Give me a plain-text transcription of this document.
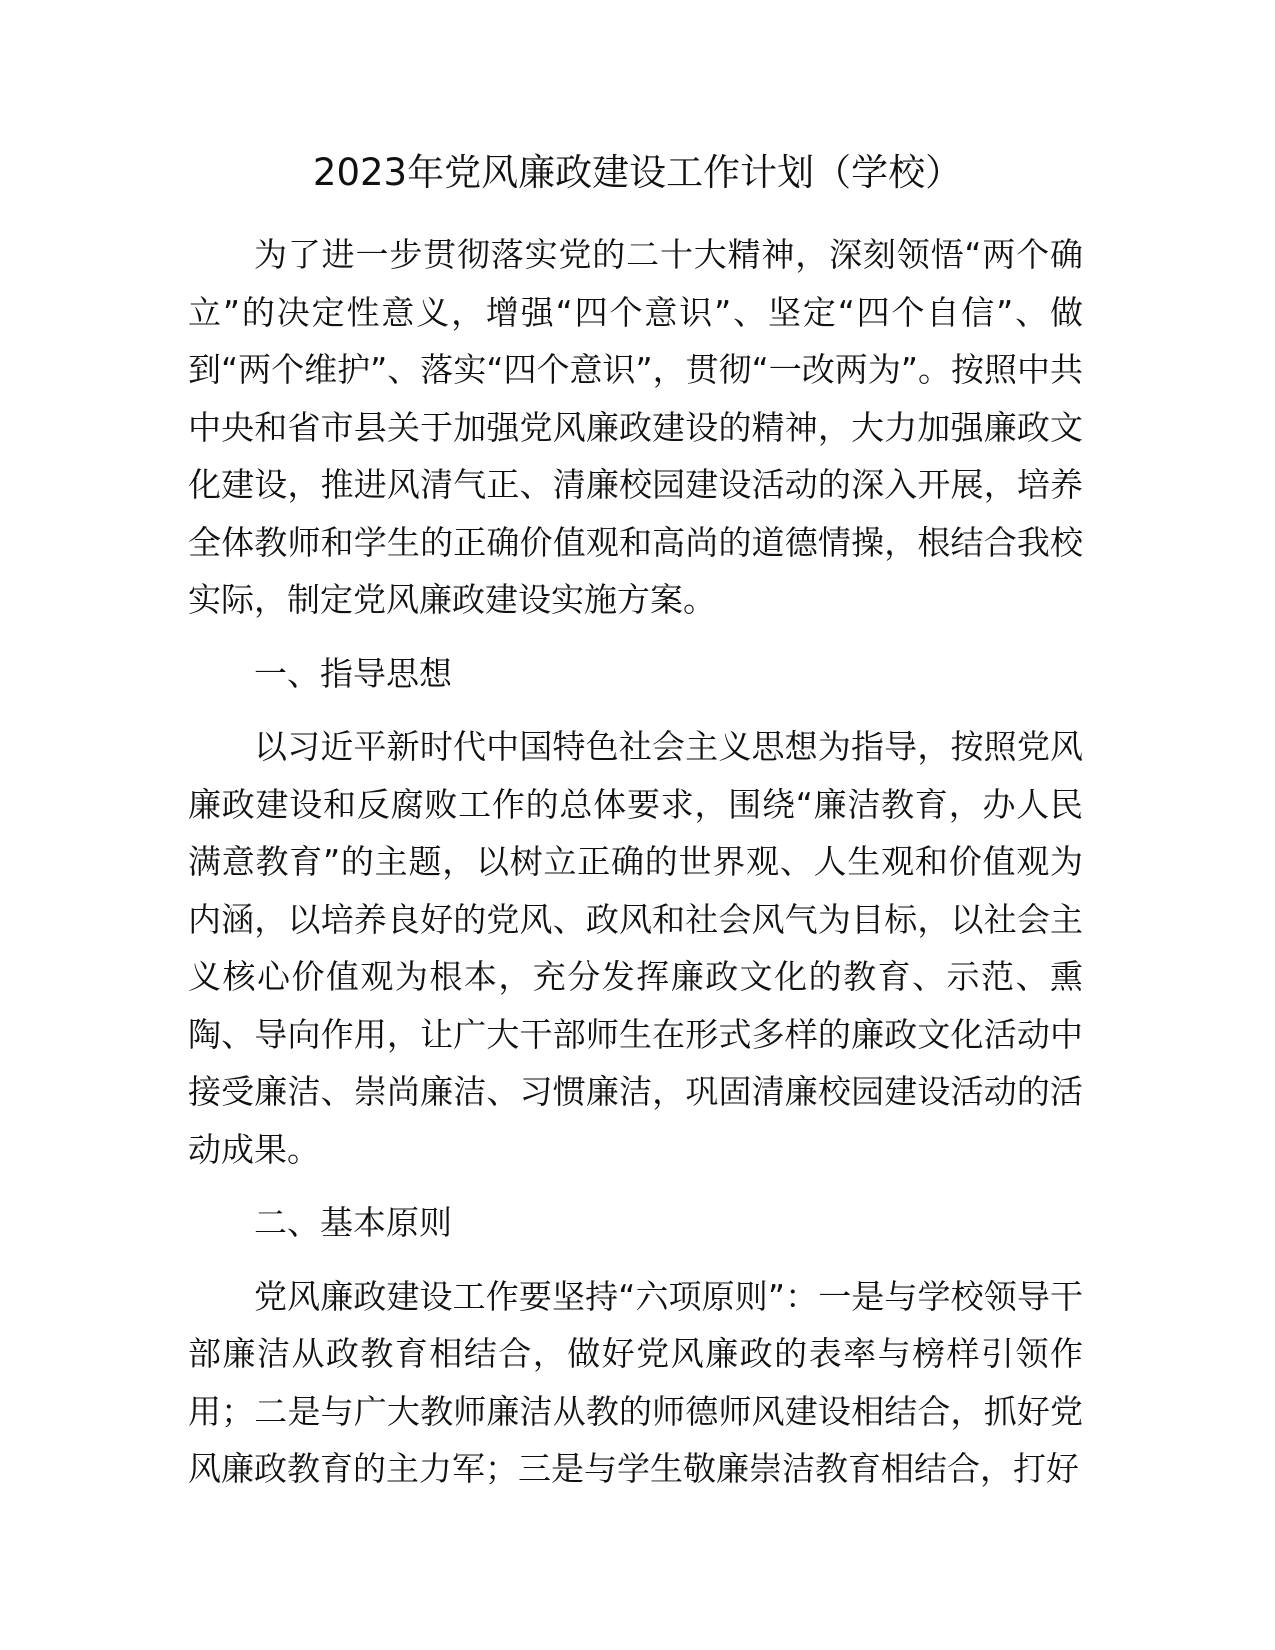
2023年党风廉政建设工作计划（学校）

为了进一步贯彻落实党的二十大精神，深刻领悟“两个确立”的决定性意义，增强“四个意识”、坚定“四个自信”、做到“两个维护”、落实“四个意识”，贯彻“一改两为”。按照中共中央和省市县关于加强党风廉政建设的精神，大力加强廉政文化建设，推进风清气正、清廉校园建设活动的深入开展，培养全体教师和学生的正确价值观和高尚的道德情操，根结合我校实际，制定党风廉政建设实施方案。

一、指导思想

以习近平新时代中国特色社会主义思想为指导，按照党风廉政建设和反腐败工作的总体要求，围绕“廉洁教育，办人民满意教育”的主题，以树立正确的世界观、人生观和价值观为内涵，以培养良好的党风、政风和社会风气为目标，以社会主义核心价值观为根本，充分发挥廉政文化的教育、示范、熏陶、导向作用，让广大干部师生在形式多样的廉政文化活动中接受廉洁、崇尚廉洁、习惯廉洁，巩固清廉校园建设活动的活动成果。

二、基本原则

党风廉政建设工作要坚持“六项原则”：一是与学校领导干部廉洁从政教育相结合，做好党风廉政的表率与榜样引领作用；二是与广大教师廉洁从教的师德师风建设相结合，抓好党风廉政教育的主力军；三是与学生敬廉崇洁教育相结合，打好
